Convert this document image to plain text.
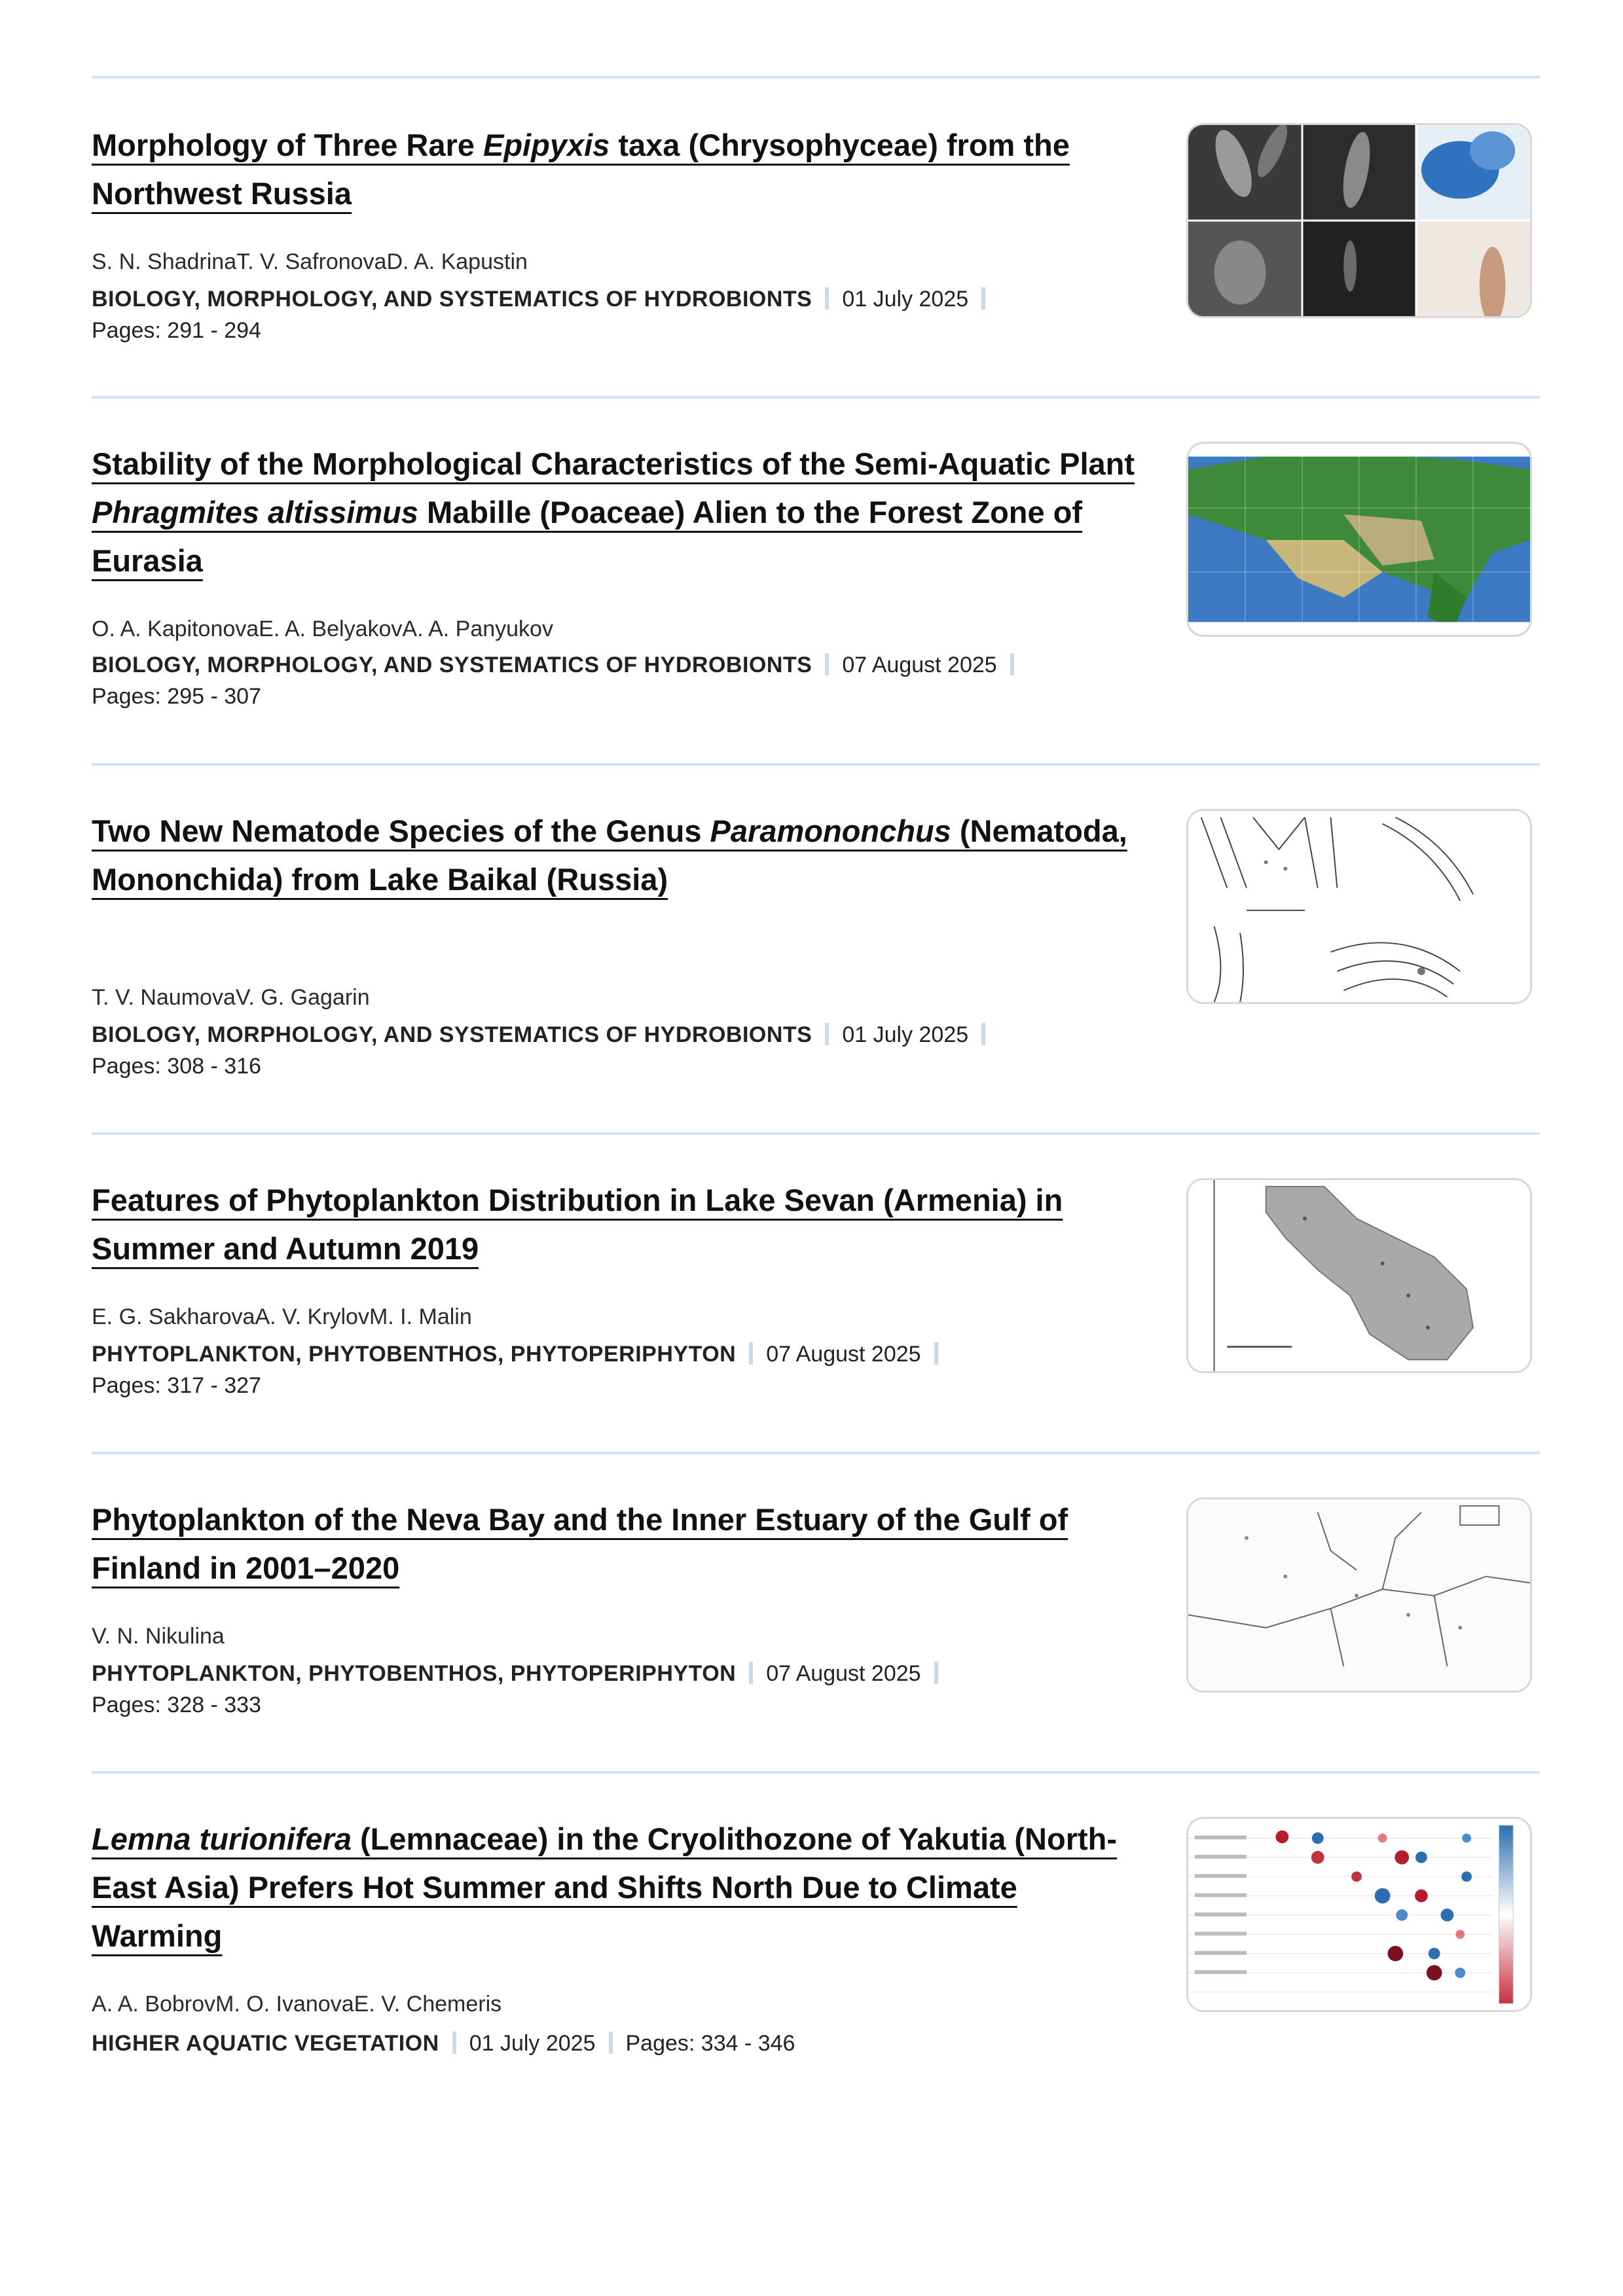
Morphology of Three Rare Epipyxis taxa (Chrysophyceae) from the Northwest Russia
S. N. ShadrinaT. V. SafronovaD. A. Kapustin
BIOLOGY, MORPHOLOGY, AND SYSTEMATICS OF HYDROBIONTS 01 July 2025
Pages: 291 - 294
Stability of the Morphological Characteristics of the Semi-Aquatic Plant Phragmites altissimus Mabille (Poaceae) Alien to the Forest Zone of Eurasia
O. A. KapitonovaE. A. BelyakovA. A. Panyukov
BIOLOGY, MORPHOLOGY, AND SYSTEMATICS OF HYDROBIONTS 07 August 2025
Pages: 295 - 307
Two New Nematode Species of the Genus Paramononchus (Nematoda, Mononchida) from Lake Baikal (Russia)
T. V. NaumovaV. G. Gagarin
BIOLOGY, MORPHOLOGY, AND SYSTEMATICS OF HYDROBIONTS 01 July 2025
Pages: 308 - 316
Features of Phytoplankton Distribution in Lake Sevan (Armenia) in Summer and Autumn 2019
E. G. SakharovaA. V. KrylovM. I. Malin
PHYTOPLANKTON, PHYTOBENTHOS, PHYTOPERIPHYTON 07 August 2025
Pages: 317 - 327
Phytoplankton of the Neva Bay and the Inner Estuary of the Gulf of Finland in 2001–2020
V. N. Nikulina
PHYTOPLANKTON, PHYTOBENTHOS, PHYTOPERIPHYTON 07 August 2025
Pages: 328 - 333
Lemna turionifera (Lemnaceae) in the Cryolithozone of Yakutia (North-East Asia) Prefers Hot Summer and Shifts North Due to Climate Warming
A. A. BobrovM. O. IvanovaE. V. Chemeris
HIGHER AQUATIC VEGETATION 01 July 2025 Pages: 334 - 346
